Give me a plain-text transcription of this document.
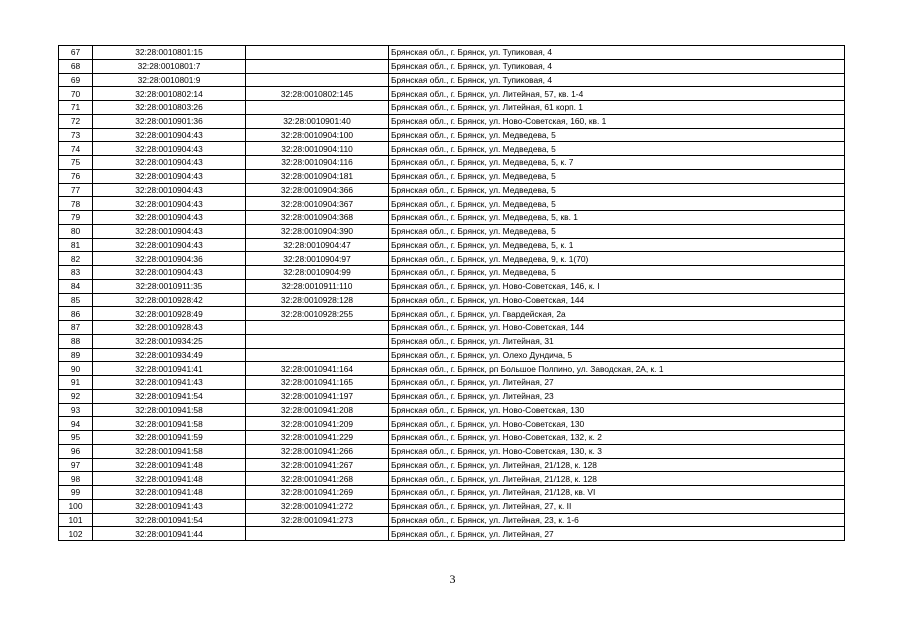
67	32:28:0010801:15		Брянская обл., г. Брянск, ул. Тупиковая, 4
68	32:28:0010801:7		Брянская обл., г. Брянск, ул. Тупиковая, 4
69	32:28:0010801:9		Брянская обл., г. Брянск, ул. Тупиковая, 4
70	32:28:0010802:14	32:28:0010802:145	Брянская обл., г. Брянск, ул. Литейная, 57, кв. 1-4
71	32:28:0010803:26		Брянская обл., г. Брянск, ул. Литейная, 61 корп. 1
72	32:28:0010901:36	32:28:0010901:40	Брянская обл., г. Брянск, ул. Ново-Советская, 160, кв. 1
73	32:28:0010904:43	32:28:0010904:100	Брянская обл., г. Брянск, ул. Медведева, 5
74	32:28:0010904:43	32:28:0010904:110	Брянская обл., г. Брянск, ул. Медведева, 5
75	32:28:0010904:43	32:28:0010904:116	Брянская обл., г. Брянск, ул. Медведева, 5, к. 7
76	32:28:0010904:43	32:28:0010904:181	Брянская обл., г. Брянск, ул. Медведева, 5
77	32:28:0010904:43	32:28:0010904:366	Брянская обл., г. Брянск, ул. Медведева, 5
78	32:28:0010904:43	32:28:0010904:367	Брянская обл., г. Брянск, ул. Медведева, 5
79	32:28:0010904:43	32:28:0010904:368	Брянская обл., г. Брянск, ул. Медведева, 5, кв. 1
80	32:28:0010904:43	32:28:0010904:390	Брянская обл., г. Брянск, ул. Медведева, 5
81	32:28:0010904:43	32:28:0010904:47	Брянская обл., г. Брянск, ул. Медведева, 5, к. 1
82	32:28:0010904:36	32:28:0010904:97	Брянская обл., г. Брянск, ул. Медведева, 9, к. 1(70)
83	32:28:0010904:43	32:28:0010904:99	Брянская обл., г. Брянск, ул. Медведева, 5
84	32:28:0010911:35	32:28:0010911:110	Брянская обл., г. Брянск, ул. Ново-Советская, 146, к. I
85	32:28:0010928:42	32:28:0010928:128	Брянская обл., г. Брянск, ул. Ново-Советская, 144
86	32:28:0010928:49	32:28:0010928:255	Брянская обл., г. Брянск, ул. Гвардейская, 2а
87	32:28:0010928:43		Брянская обл., г. Брянск, ул. Ново-Советская, 144
88	32:28:0010934:25		Брянская обл., г. Брянск, ул. Литейная, 31
89	32:28:0010934:49		Брянская обл., г. Брянск, ул. Олехо Дундича, 5
90	32:28:0010941:41	32:28:0010941:164	Брянская обл., г. Брянск, рп Большое Полпино, ул. Заводская, 2А, к. 1
91	32:28:0010941:43	32:28:0010941:165	Брянская обл., г. Брянск, ул. Литейная, 27
92	32:28:0010941:54	32:28:0010941:197	Брянская обл., г. Брянск, ул. Литейная, 23
93	32:28:0010941:58	32:28:0010941:208	Брянская обл., г. Брянск, ул. Ново-Советская, 130
94	32:28:0010941:58	32:28:0010941:209	Брянская обл., г. Брянск, ул. Ново-Советская, 130
95	32:28:0010941:59	32:28:0010941:229	Брянская обл., г. Брянск, ул. Ново-Советская, 132, к. 2
96	32:28:0010941:58	32:28:0010941:266	Брянская обл., г. Брянск, ул. Ново-Советская, 130, к. 3
97	32:28:0010941:48	32:28:0010941:267	Брянская обл., г. Брянск, ул. Литейная, 21/128, к. 128
98	32:28:0010941:48	32:28:0010941:268	Брянская обл., г. Брянск, ул. Литейная, 21/128, к. 128
99	32:28:0010941:48	32:28:0010941:269	Брянская обл., г. Брянск, ул. Литейная, 21/128, кв. VI
100	32:28:0010941:43	32:28:0010941:272	Брянская обл., г. Брянск, ул. Литейная, 27, к. II
101	32:28:0010941:54	32:28:0010941:273	Брянская обл., г. Брянск, ул. Литейная, 23, к. 1-6
102	32:28:0010941:44		Брянская обл., г. Брянск, ул. Литейная, 27
3
